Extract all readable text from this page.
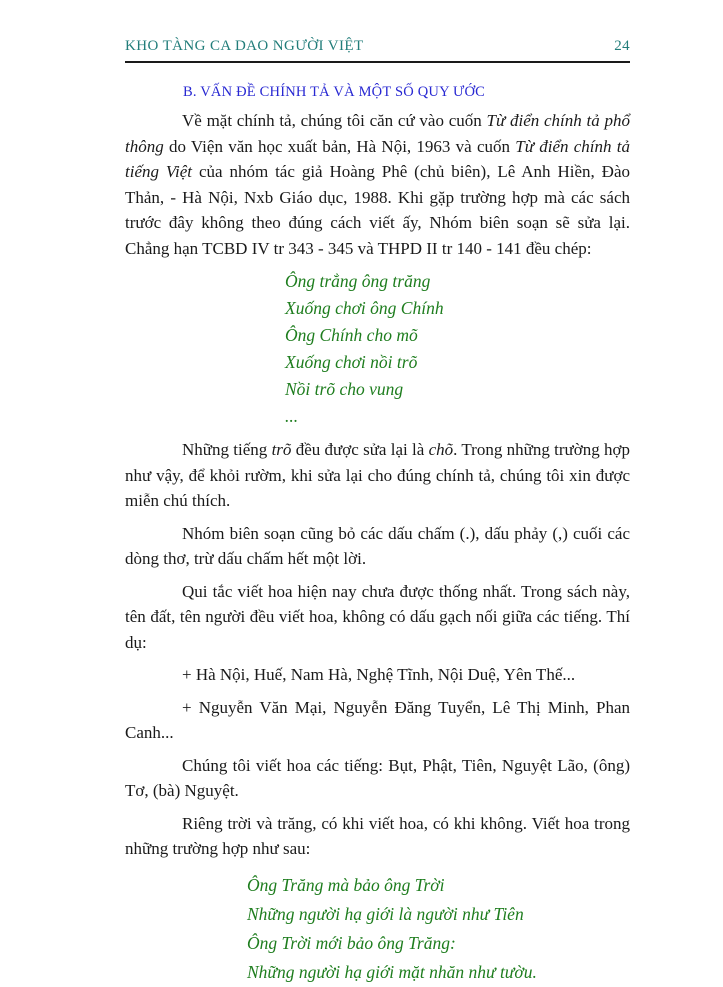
KHO TÀNG CA DAO NGƯỜI VIỆT	24
B. VẤN ĐỀ CHÍNH TẢ VÀ MỘT SỐ QUY ƯỚC

Về mặt chính tả, chúng tôi căn cứ vào cuốn Từ điển chính tả phổ thông do Viện văn học xuất bản, Hà Nội, 1963 và cuốn Từ điển chính tả tiếng Việt của nhóm tác giả Hoàng Phê (chủ biên), Lê Anh Hiền, Đào Thản, - Hà Nội, Nxb Giáo dục, 1988. Khi gặp trường hợp mà các sách trước đây không theo đúng cách viết ấy, Nhóm biên soạn sẽ sửa lại. Chẳng hạn TCBD IV tr 343 - 345 và THPD II tr 140 - 141 đều chép:

Ông trẳng ông trăng
Xuống chơi ông Chính
Ông Chính cho mõ
Xuống chơi nồi trõ
Nồi trõ cho vung
...

Những tiếng trõ đều được sửa lại là chõ. Trong những trường hợp như vậy, để khỏi rườm, khi sửa lại cho đúng chính tả, chúng tôi xin được miễn chú thích.

Nhóm biên soạn cũng bỏ các dấu chấm (.), dấu phảy (,) cuối các dòng thơ, trừ dấu chấm hết một lời.

Qui tắc viết hoa hiện nay chưa được thống nhất. Trong sách này, tên đất, tên người đều viết hoa, không có dấu gạch nối giữa các tiếng. Thí dụ:

+ Hà Nội, Huế, Nam Hà, Nghệ Tĩnh, Nội Duệ, Yên Thế...

+ Nguyễn Văn Mại, Nguyễn Đăng Tuyển, Lê Thị Minh, Phan Canh...

Chúng tôi viết hoa các tiếng: Bụt, Phật, Tiên, Nguyệt Lão, (ông) Tơ, (bà) Nguyệt.

Riêng trời và trăng, có khi viết hoa, có khi không. Viết hoa trong những trường hợp như sau:

Ông Trăng mà bảo ông Trời
Những người hạ giới là người như Tiên
Ông Trời mới bảo ông Trăng:
Những người hạ giới mặt nhăn như tườu.
